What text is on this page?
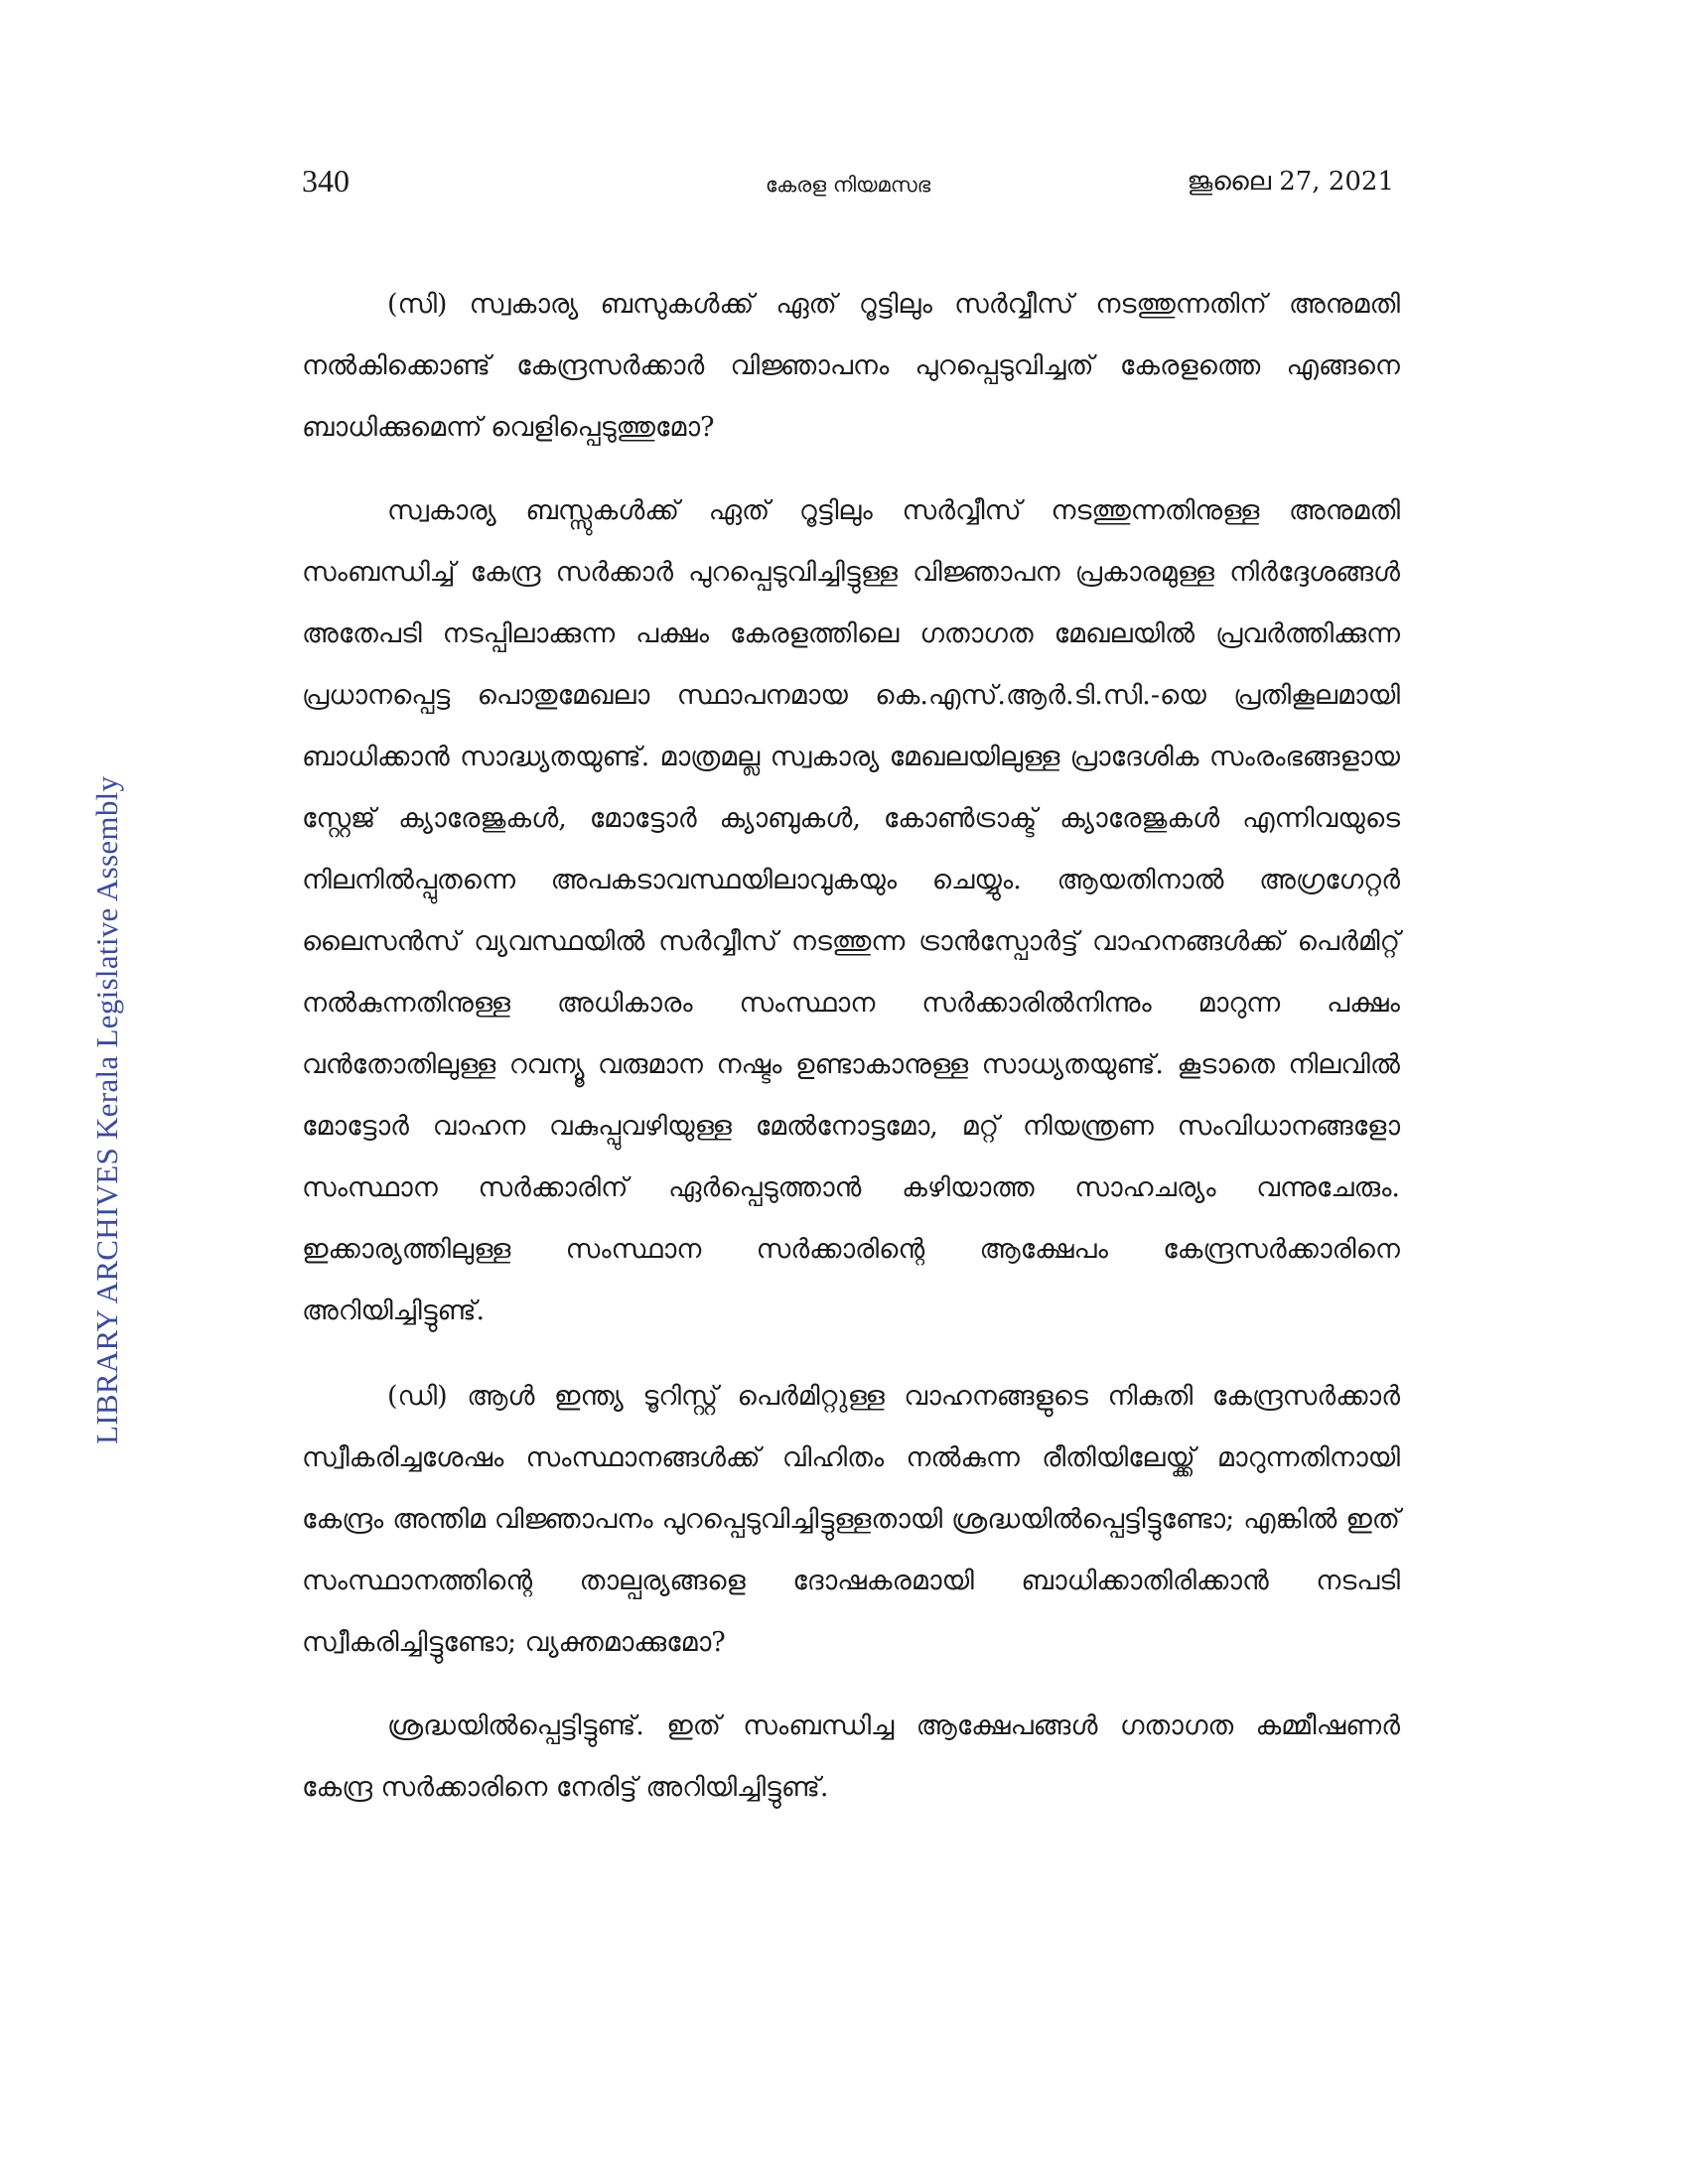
340	കേരള നിയമസഭ	ജൂലൈ 27, 2021
LIBRARY ARCHIVES Kerala Legislative Assembly

(സി) സ്വകാര്യ ബസുകൾക്ക് ഏത് റൂട്ടിലും സർവ്വീസ് നടത്തുന്നതിന് അനുമതി നൽകിക്കൊണ്ട് കേന്ദ്രസർക്കാർ വിജ്ഞാപനം പുറപ്പെടുവിച്ചത് കേരളത്തെ എങ്ങനെ ബാധിക്കുമെന്ന് വെളിപ്പെടുത്തുമോ?

സ്വകാര്യ ബസ്സുകൾക്ക് ഏത് റൂട്ടിലും സർവ്വീസ് നടത്തുന്നതിനുള്ള അനുമതി സംബന്ധിച്ച് കേന്ദ്ര സർക്കാർ പുറപ്പെടുവിച്ചിട്ടുള്ള വിജ്ഞാപന പ്രകാരമുള്ള നിർദ്ദേശങ്ങൾ അതേപടി നടപ്പിലാക്കുന്ന പക്ഷം കേരളത്തിലെ ഗതാഗത മേഖലയിൽ പ്രവർത്തിക്കുന്ന പ്രധാനപ്പെട്ട പൊതുമേഖലാ സ്ഥാപനമായ കെ.എസ്.ആർ.ടി.സി.-യെ പ്രതികൂലമായി ബാധിക്കാൻ സാദ്ധ്യതയുണ്ട്. മാത്രമല്ല സ്വകാര്യ മേഖലയിലുള്ള പ്രാദേശിക സംരംഭങ്ങളായ സ്റ്റേജ് ക്യാരേജുകൾ, മോട്ടോർ ക്യാബുകൾ, കോൺട്രാക്ട് ക്യാരേജുകൾ എന്നിവയുടെ നിലനിൽപ്പുതന്നെ അപകടാവസ്ഥയിലാവുകയും ചെയ്യും. ആയതിനാൽ അഗ്രഗേറ്റർ ലൈസൻസ് വ്യവസ്ഥയിൽ സർവ്വീസ് നടത്തുന്ന ട്രാൻസ്പോർട്ട് വാഹനങ്ങൾക്ക് പെർമിറ്റ് നൽകുന്നതിനുള്ള അധികാരം സംസ്ഥാന സർക്കാരിൽനിന്നും മാറുന്ന പക്ഷം വൻതോതിലുള്ള റവന്യൂ വരുമാന നഷ്ടം ഉണ്ടാകാനുള്ള സാധ്യതയുണ്ട്. കൂടാതെ നിലവിൽ മോട്ടോർ വാഹന വകുപ്പുവഴിയുള്ള മേൽനോട്ടമോ, മറ്റ് നിയന്ത്രണ സംവിധാനങ്ങളോ സംസ്ഥാന സർക്കാരിന് ഏർപ്പെടുത്താൻ കഴിയാത്ത സാഹചര്യം വന്നുചേരും. ഇക്കാര്യത്തിലുള്ള സംസ്ഥാന സർക്കാരിന്റെ ആക്ഷേപം കേന്ദ്രസർക്കാരിനെ അറിയിച്ചിട്ടുണ്ട്.

(ഡി) ആൾ ഇന്ത്യ ടൂറിസ്റ്റ് പെർമിറ്റുള്ള വാഹനങ്ങളുടെ നികുതി കേന്ദ്രസർക്കാർ സ്വീകരിച്ചശേഷം സംസ്ഥാനങ്ങൾക്ക് വിഹിതം നൽകുന്ന രീതിയിലേയ്ക്ക് മാറുന്നതിനായി കേന്ദ്രം അന്തിമ വിജ്ഞാപനം പുറപ്പെടുവിച്ചിട്ടുള്ളതായി ശ്രദ്ധയിൽപ്പെട്ടിട്ടുണ്ടോ; എങ്കിൽ ഇത് സംസ്ഥാനത്തിന്റെ താല്പര്യങ്ങളെ ദോഷകരമായി ബാധിക്കാതിരിക്കാൻ നടപടി സ്വീകരിച്ചിട്ടുണ്ടോ; വ്യക്തമാക്കുമോ?

ശ്രദ്ധയിൽപ്പെട്ടിട്ടുണ്ട്. ഇത് സംബന്ധിച്ച ആക്ഷേപങ്ങൾ ഗതാഗത കമ്മീഷണർ കേന്ദ്ര സർക്കാരിനെ നേരിട്ട് അറിയിച്ചിട്ടുണ്ട്.
